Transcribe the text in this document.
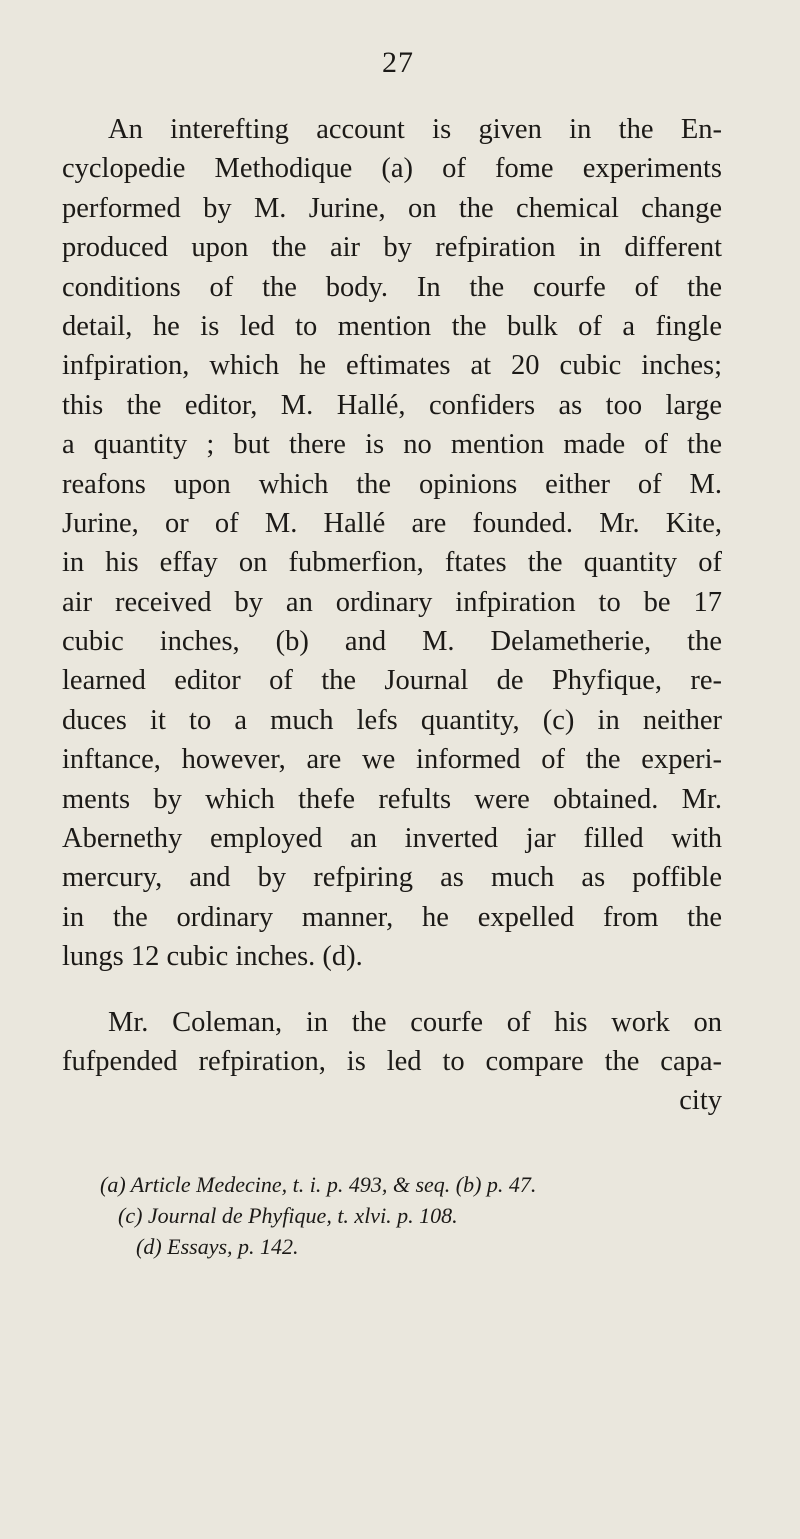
27
An interefting account is given in the En-
cyclopedie Methodique (a) of fome experiments
performed by M. Jurine, on the chemical change
produced upon the air by refpiration in different
conditions of the body. In the courfe of the
detail, he is led to mention the bulk of a fingle
infpiration, which he eftimates at 20 cubic inches;
this the editor, M. Hallé, confiders as too large
a quantity ; but there is no mention made of the
reafons upon which the opinions either of M.
Jurine, or of M. Hallé are founded. Mr. Kite,
in his effay on fubmerfion, ftates the quantity of
air received by an ordinary infpiration to be 17
cubic inches, (b) and M. Delametherie, the
learned editor of the Journal de Phyfique, re-
duces it to a much lefs quantity, (c) in neither
inftance, however, are we informed of the experi-
ments by which thefe refults were obtained. Mr.
Abernethy employed an inverted jar filled with
mercury, and by refpiring as much as poffible
in the ordinary manner, he expelled from the
lungs 12 cubic inches. (d).
Mr. Coleman, in the courfe of his work on
fufpended refpiration, is led to compare the capa-
city
(a) Article Medecine, t. i. p. 493, & seq. (b) p. 47.
(c) Journal de Phyfique, t. xlvi. p. 108.
(d) Essays, p. 142.
